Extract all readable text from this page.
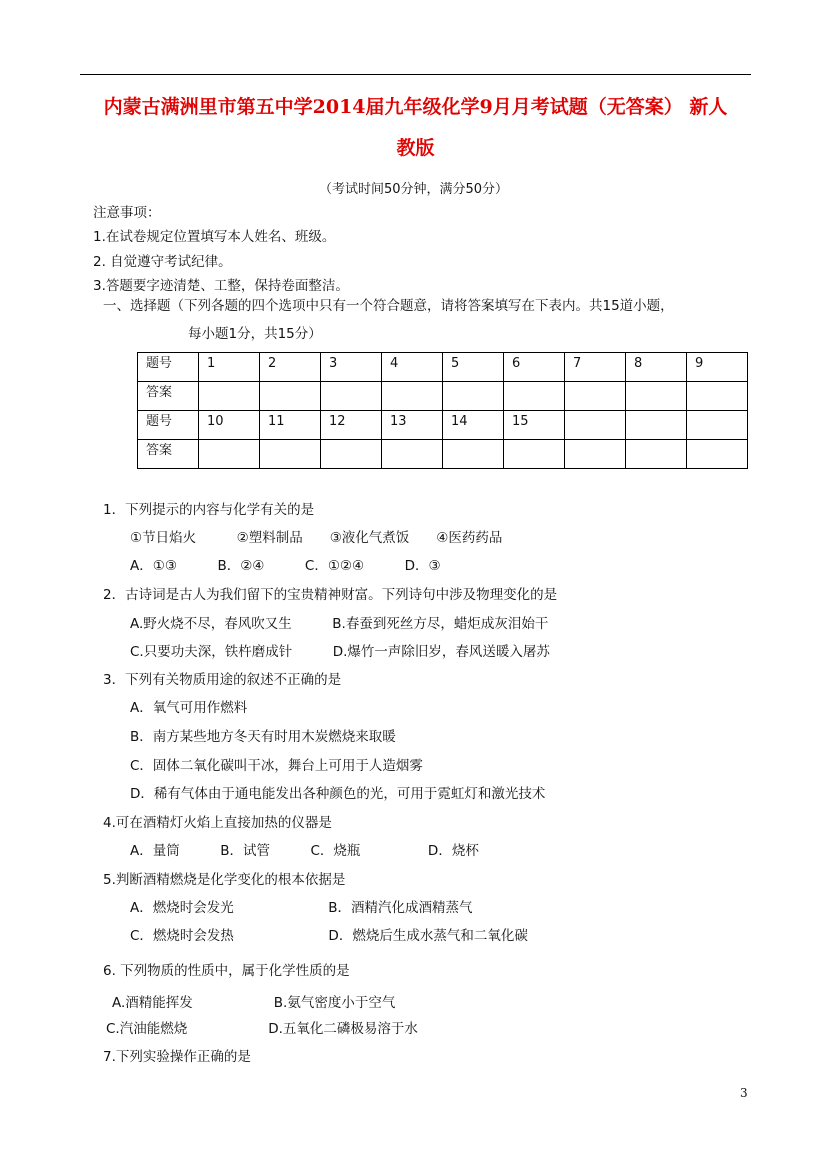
内蒙古满洲里市第五中学2014届九年级化学9月月考试题（无答案） 新人
教版
（考试时间50分钟，满分50分）
注意事项：
1.在试卷规定位置填写本人姓名、班级。
2. 自觉遵守考试纪律。
3.答题要字迹清楚、工整，保持卷面整洁。
一、选择题（下列各题的四个选项中只有一个符合题意，请将答案填写在下表内。共15道小题，
每小题1分，共15分）
题号	1	2	3	4	5	6	7	8	9
答案									
题号	10	11	12	13	14	15			
答案									
1．下列提示的内容与化学有关的是
①节日焰火　　　②塑料制品　　③液化气煮饭　　④医药药品
A．①③　　　B．②④　　　C．①②④　　　D．③
2．古诗词是古人为我们留下的宝贵精神财富。下列诗句中涉及物理变化的是
A.野火烧不尽，春风吹又生　　　B.春蚕到死丝方尽，蜡炬成灰泪始干
C.只要功夫深，铁杵磨成针　　　D.爆竹一声除旧岁，春风送暖入屠苏
3．下列有关物质用途的叙述不正确的是
A．氧气可用作燃料
B．南方某些地方冬天有时用木炭燃烧来取暖
C．固体二氧化碳叫干冰，舞台上可用于人造烟雾
D．稀有气体由于通电能发出各种颜色的光，可用于霓虹灯和激光技术
4.可在酒精灯火焰上直接加热的仪器是
A．量筒　　　B．试管　　　C．烧瓶　　　　　D．烧杯
5.判断酒精燃烧是化学变化的根本依据是
A．燃烧时会发光　　　　　　　B．酒精汽化成酒精蒸气
C．燃烧时会发热　　　　　　　D．燃烧后生成水蒸气和二氧化碳
6. 下列物质的性质中，属于化学性质的是
A.酒精能挥发　　　　　　B.氨气密度小于空气
C.汽油能燃烧　　　　　　D.五氧化二磷极易溶于水
7.下列实验操作正确的是
3
